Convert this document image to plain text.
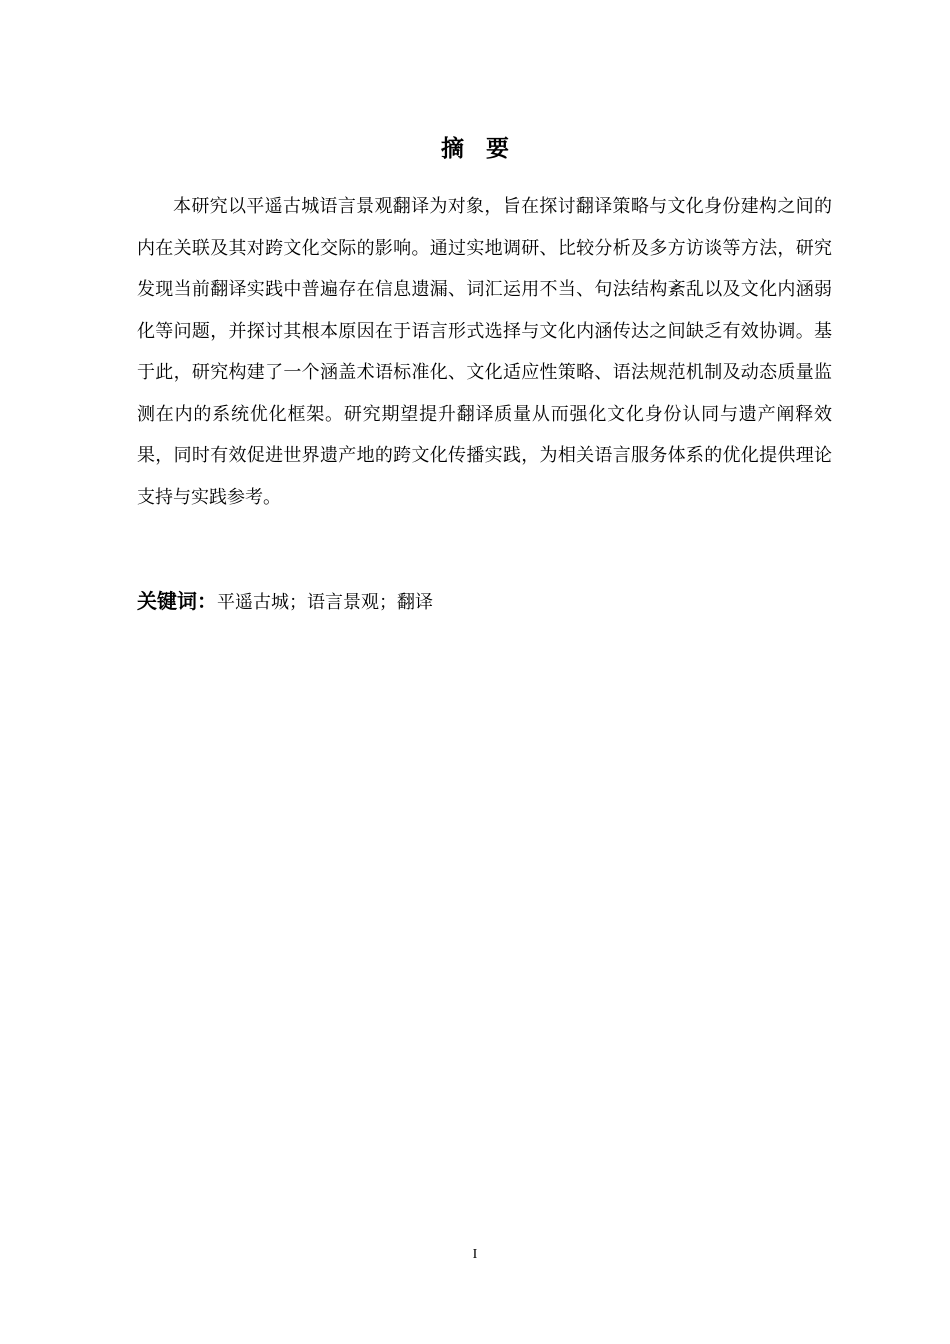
摘 要

本研究以平遥古城语言景观翻译为对象，旨在探讨翻译策略与文化身份建构之间的内在关联及其对跨文化交际的影响。通过实地调研、比较分析及多方访谈等方法，研究发现当前翻译实践中普遍存在信息遗漏、词汇运用不当、句法结构紊乱以及文化内涵弱化等问题，并探讨其根本原因在于语言形式选择与文化内涵传达之间缺乏有效协调。基于此，研究构建了一个涵盖术语标准化、文化适应性策略、语法规范机制及动态质量监测在内的系统优化框架。研究期望提升翻译质量从而强化文化身份认同与遗产阐释效果，同时有效促进世界遗产地的跨文化传播实践，为相关语言服务体系的优化提供理论支持与实践参考。

关键词：平遥古城；语言景观；翻译
I
